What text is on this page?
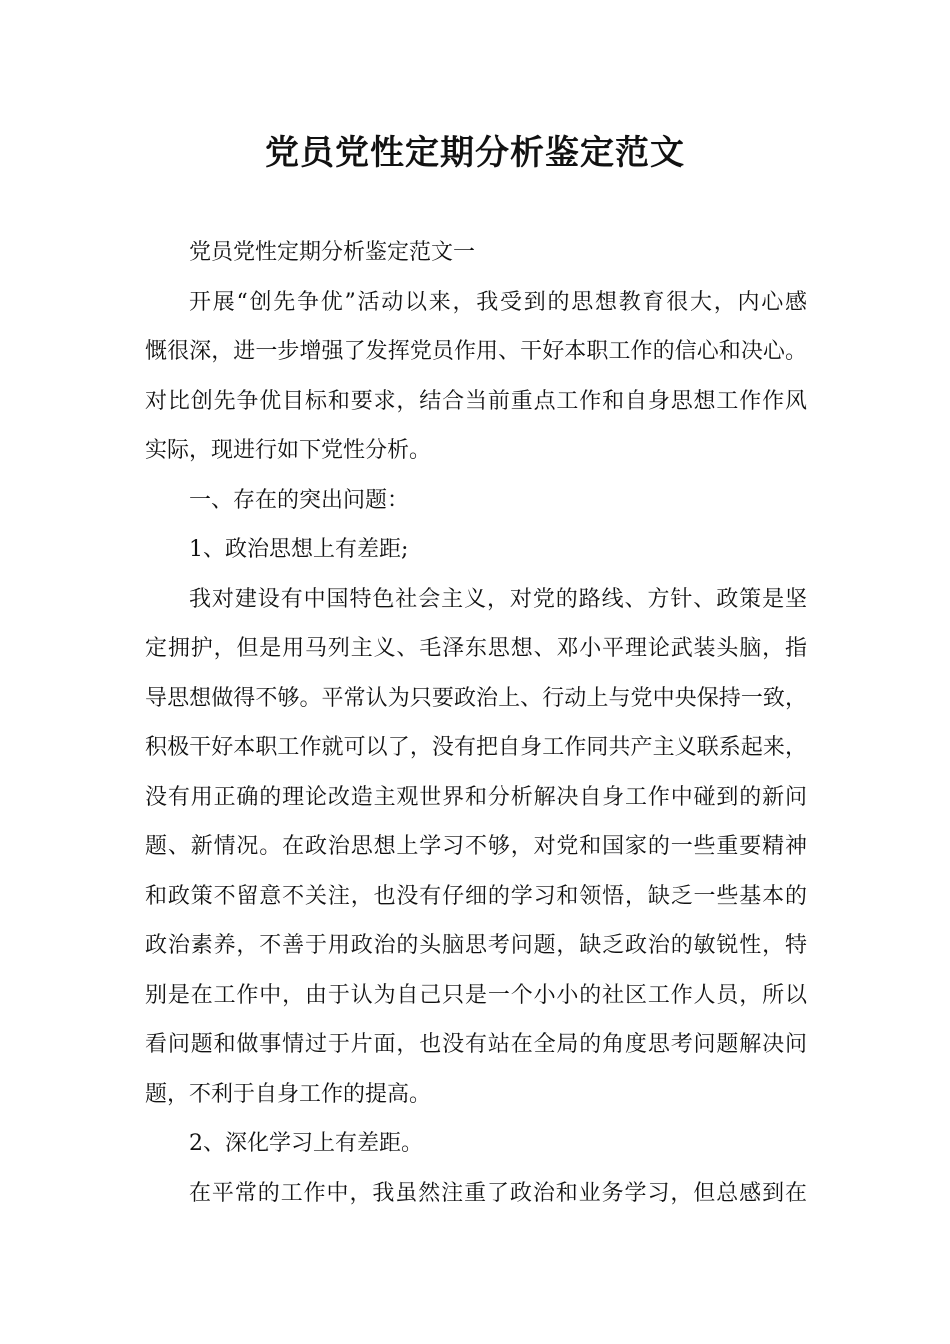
党员党性定期分析鉴定范文
党员党性定期分析鉴定范文一
开展“创先争优”活动以来，我受到的思想教育很大，内心感
慨很深，进一步增强了发挥党员作用、干好本职工作的信心和决心。
对比创先争优目标和要求，结合当前重点工作和自身思想工作作风
实际，现进行如下党性分析。
一、存在的突出问题：
1、政治思想上有差距;
我对建设有中国特色社会主义，对党的路线、方针、政策是坚
定拥护，但是用马列主义、毛泽东思想、邓小平理论武装头脑，指
导思想做得不够。平常认为只要政治上、行动上与党中央保持一致，
积极干好本职工作就可以了，没有把自身工作同共产主义联系起来，
没有用正确的理论改造主观世界和分析解决自身工作中碰到的新问
题、新情况。在政治思想上学习不够，对党和国家的一些重要精神
和政策不留意不关注，也没有仔细的学习和领悟，缺乏一些基本的
政治素养，不善于用政治的头脑思考问题，缺乏政治的敏锐性，特
别是在工作中，由于认为自己只是一个小小的社区工作人员，所以
看问题和做事情过于片面，也没有站在全局的角度思考问题解决问
题，不利于自身工作的提高。
2、深化学习上有差距。
在平常的工作中，我虽然注重了政治和业务学习，但总感到在
